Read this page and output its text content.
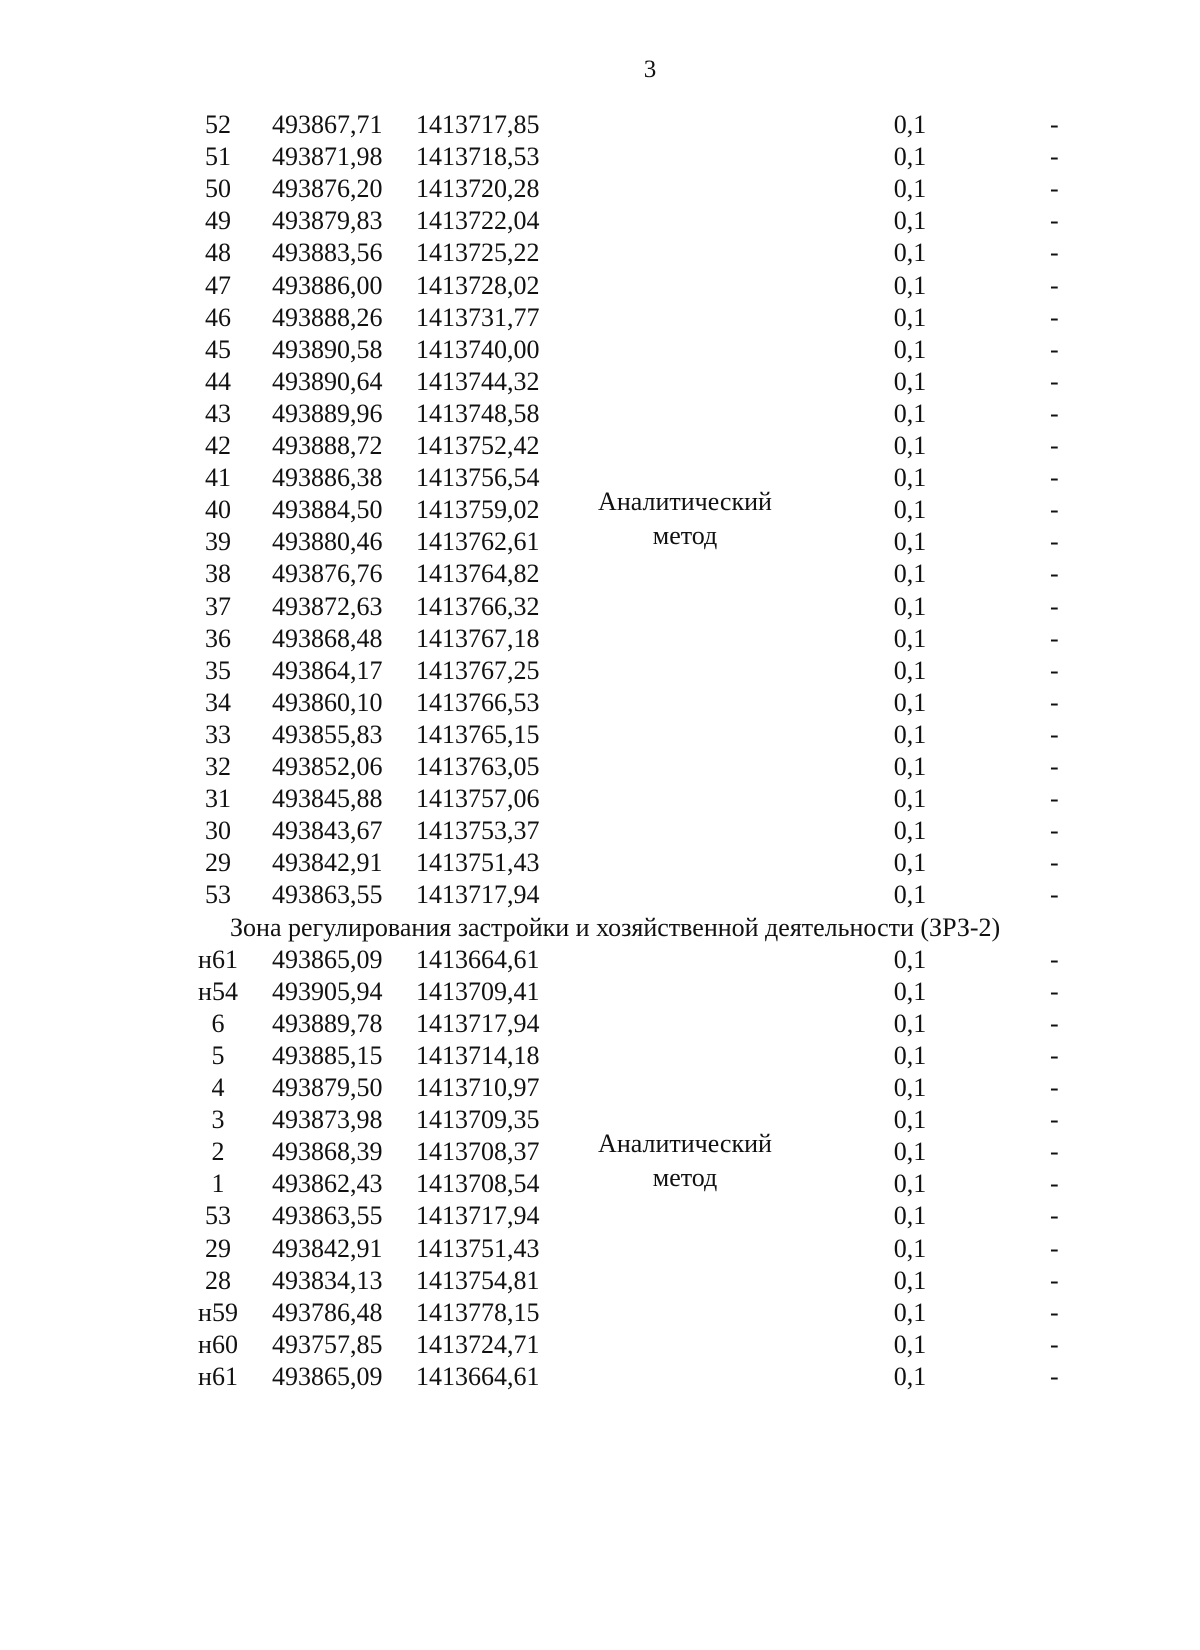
3
Аналитический
метод
Зона регулирования застройки и хозяйственной деятельности (ЗРЗ-2)
Аналитический
метод
52	493867,71 1413717,85	0,1	-
51	493871,98 1413718,53	0,1	-
50	493876,20 1413720,28	0,1	-
49	493879,83 1413722,04	0,1	-
48	493883,56 1413725,22	0,1	-
47	493886,00 1413728,02	0,1	-
46	493888,26 1413731,77	0,1	-
45	493890,58 1413740,00	0,1	-
44	493890,64 1413744,32	0,1	-
43	493889,96 1413748,58	0,1	-
42	493888,72 1413752,42	0,1	-
41	493886,38 1413756,54	0,1	-
40	493884,50 1413759,02	0,1	-
39	493880,46 1413762,61	0,1	-
38	493876,76 1413764,82	0,1	-
37	493872,63 1413766,32	0,1	-
36	493868,48 1413767,18	0,1	-
35	493864,17 1413767,25	0,1	-
34	493860,10 1413766,53	0,1	-
33	493855,83 1413765,15	0,1	-
32	493852,06 1413763,05	0,1	-
31	493845,88 1413757,06	0,1	-
30	493843,67 1413753,37	0,1	-
29	493842,91 1413751,43	0,1	-
53	493863,55 1413717,94	0,1	-
н61	493865,09 1413664,61	0,1	-
н54	493905,94 1413709,41	0,1	-
6	493889,78 1413717,94	0,1	-
5	493885,15 1413714,18	0,1	-
4	493879,50 1413710,97	0,1	-
3	493873,98 1413709,35	0,1	-
2	493868,39 1413708,37	0,1	-
1	493862,43 1413708,54	0,1	-
53	493863,55 1413717,94	0,1	-
29	493842,91 1413751,43	0,1	-
28	493834,13 1413754,81	0,1	-
н59	493786,48 1413778,15	0,1	-
н60	493757,85 1413724,71	0,1	-
н61	493865,09 1413664,61	0,1	-
